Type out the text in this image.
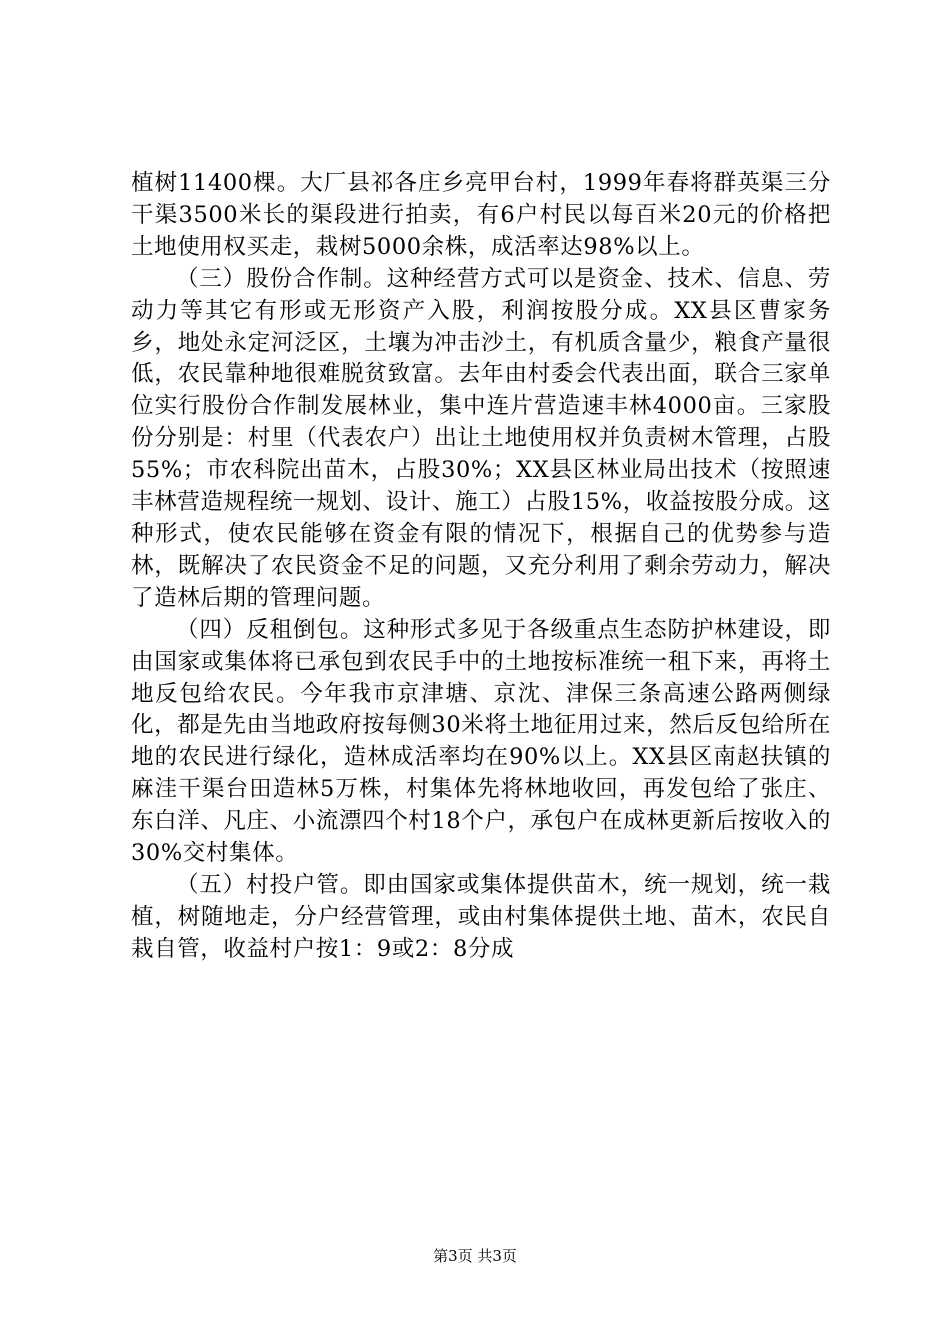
植树11400棵。大厂县祁各庄乡亮甲台村，1999年春将群英渠三分干渠3500米长的渠段进行拍卖，有6户村民以每百米20元的价格把土地使用权买走，栽树5000余株，成活率达98%以上。

（三）股份合作制。这种经营方式可以是资金、技术、信息、劳动力等其它有形或无形资产入股，利润按股分成。XX县区曹家务乡，地处永定河泛区，土壤为冲击沙土，有机质含量少，粮食产量很低，农民靠种地很难脱贫致富。去年由村委会代表出面，联合三家单位实行股份合作制发展林业，集中连片营造速丰林4000亩。三家股份分别是：村里（代表农户）出让土地使用权并负责树木管理，占股55%；市农科院出苗木，占股30%；XX县区林业局出技术（按照速丰林营造规程统一规划、设计、施工）占股15%，收益按股分成。这种形式，使农民能够在资金有限的情况下，根据自己的优势参与造林，既解决了农民资金不足的问题，又充分利用了剩余劳动力，解决了造林后期的管理问题。

（四）反租倒包。这种形式多见于各级重点生态防护林建设，即由国家或集体将已承包到农民手中的土地按标准统一租下来，再将土地反包给农民。今年我市京津塘、京沈、津保三条高速公路两侧绿化，都是先由当地政府按每侧30米将土地征用过来，然后反包给所在地的农民进行绿化，造林成活率均在90%以上。XX县区南赵扶镇的麻洼干渠台田造林5万株，村集体先将林地收回，再发包给了张庄、东白洋、凡庄、小流漂四个村18个户，承包户在成林更新后按收入的30%交村集体。

（五）村投户管。即由国家或集体提供苗木，统一规划，统一栽植，树随地走，分户经营管理，或由村集体提供土地、苗木，农民自栽自管，收益村户按1：9或2：8分成

第3页 共3页
